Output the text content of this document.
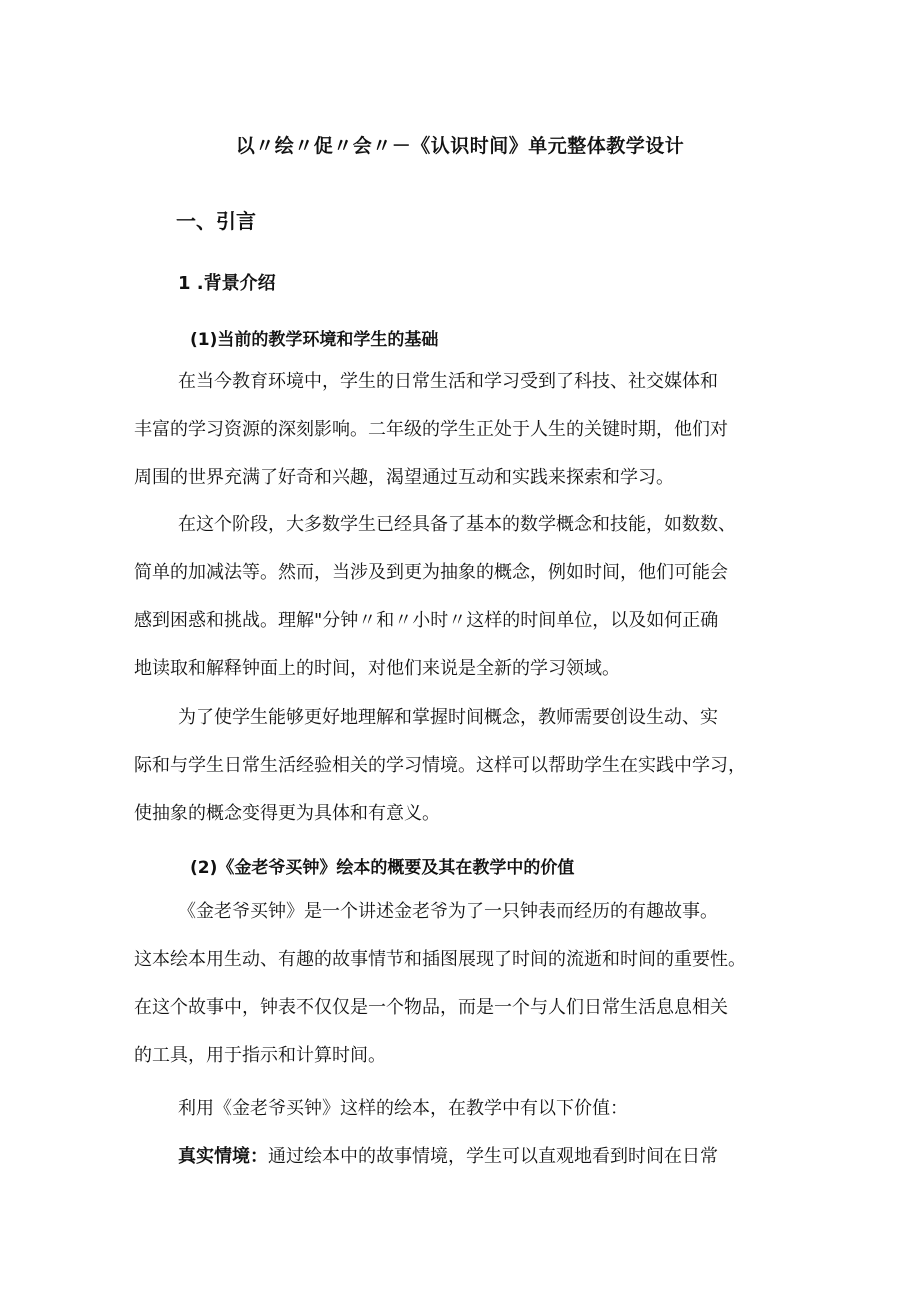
以〃绘〃促〃会〃－《认识时间》单元整体教学设计
一、引言
1 .背景介绍
(1)当前的教学环境和学生的基础
在当今教育环境中，学生的日常生活和学习受到了科技、社交媒体和
丰富的学习资源的深刻影响。二年级的学生正处于人生的关键时期，他们对
周围的世界充满了好奇和兴趣，渴望通过互动和实践来探索和学习。
在这个阶段，大多数学生已经具备了基本的数学概念和技能，如数数、
简单的加减法等。然而，当涉及到更为抽象的概念，例如时间，他们可能会
感到困惑和挑战。理解"分钟〃和〃小时〃这样的时间单位，以及如何正确
地读取和解释钟面上的时间，对他们来说是全新的学习领域。
为了使学生能够更好地理解和掌握时间概念，教师需要创设生动、实
际和与学生日常生活经验相关的学习情境。这样可以帮助学生在实践中学习，
使抽象的概念变得更为具体和有意义。
(2)《金老爷买钟》绘本的概要及其在教学中的价值
《金老爷买钟》是一个讲述金老爷为了一只钟表而经历的有趣故事。
这本绘本用生动、有趣的故事情节和插图展现了时间的流逝和时间的重要性。
在这个故事中，钟表不仅仅是一个物品，而是一个与人们日常生活息息相关
的工具，用于指示和计算时间。
利用《金老爷买钟》这样的绘本，在教学中有以下价值：
真实情境：通过绘本中的故事情境，学生可以直观地看到时间在日常
